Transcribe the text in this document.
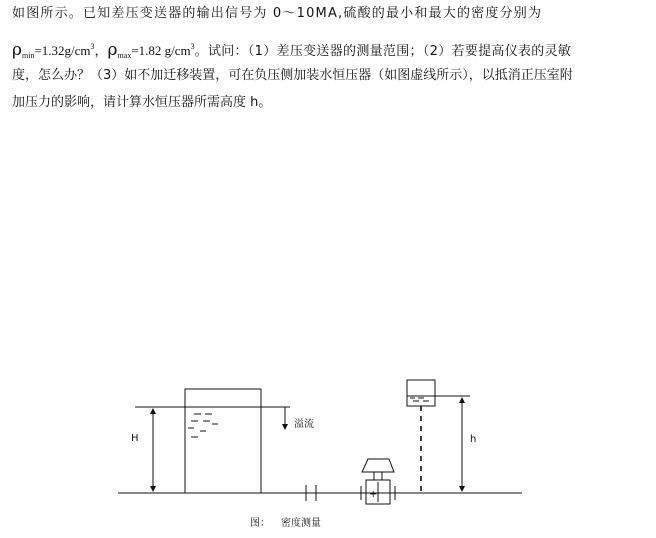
如图所示。已知差压变送器的输出信号为 0～10MA,硫酸的最小和最大的密度分别为
$\rho_{min}=1.32g/cm^3$，$\rho_{max}=1.82$ $g/cm^3$。试问：（1）差压变送器的测量范围；（2）若要提高仪表的灵敏
度，怎么办？（3）如不加迁移装置，可在负压侧加装水恒压器（如图虚线所示），以抵消正压室附
加压力的影响，请计算水恒压器所需高度 h。
溢流
H
+ -
h
图： 密度测量
